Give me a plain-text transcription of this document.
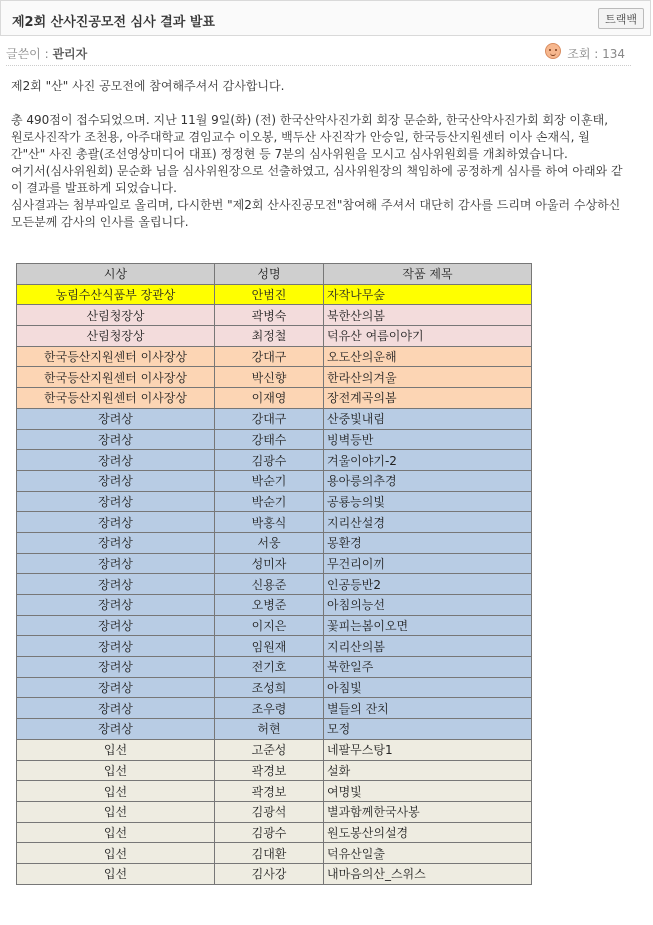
제2회 산사진공모전 심사 결과 발표	트랙백
글쓴이 : 관리자	조회 : 134

제2회 "산" 사진 공모전에 참여해주셔서 감사합니다.

총 490점이 접수되었으며. 지난 11월 9일(화) (전) 한국산악사진가회 회장 문순화, 한국산악사진가회 회장 이훈태, 원로사진작가 조천용, 아주대학교 겸임교수 이오봉, 백두산 사진작가 안승일, 한국등산지원센터 이사 손재식, 월간"산" 사진 총괄(조선영상미디어 대표) 정정현 등 7분의 심사위원을 모시고 심사위원회를 개최하였습니다.

여기서(심사위원회) 문순화 님을 심사위원장으로 선출하였고, 심사위원장의 책임하에 공정하게 심사를 하여 아래와 같이 결과를 발표하게 되었습니다.

심사결과는 첨부파일로 올리며, 다시한번 "제2회 산사진공모전"참여해 주셔서 대단히 감사를 드리며 아울러 수상하신 모든분께 감사의 인사를 올립니다.

시상	성명	작품 제목
농림수산식품부 장관상	안범진	자작나무숲
산림청장상	곽병숙	북한산의봄
산림청장상	최정철	덕유산 여름이야기
한국등산지원센터 이사장상	강대구	오도산의운해
한국등산지원센터 이사장상	박신향	한라산의겨울
한국등산지원센터 이사장상	이재영	장전계곡의봄
장려상	강대구	산중빛내림
장려상	강태수	빙벽등반
장려상	김광수	겨울이야기-2
장려상	박순기	용아릉의추경
장려상	박순기	공룡능의빛
장려상	박홍식	지리산설경
장려상	서웅	몽환경
장려상	성미자	무건리이끼
장려상	신용준	인공등반2
장려상	오병준	아침의능선
장려상	이지은	꽃피는봄이오면
장려상	임원재	지리산의봄
장려상	전기호	북한일주
장려상	조성희	아침빛
장려상	조우령	별들의 잔치
장려상	허현	모정
입선	고준성	네팔무스탕1
입선	곽경보	설화
입선	곽경보	여명빛
입선	김광석	별과함께한국사봉
입선	김광수	원도봉산의설경
입선	김대환	덕유산일출
입선	김사강	내마음의산_스위스
